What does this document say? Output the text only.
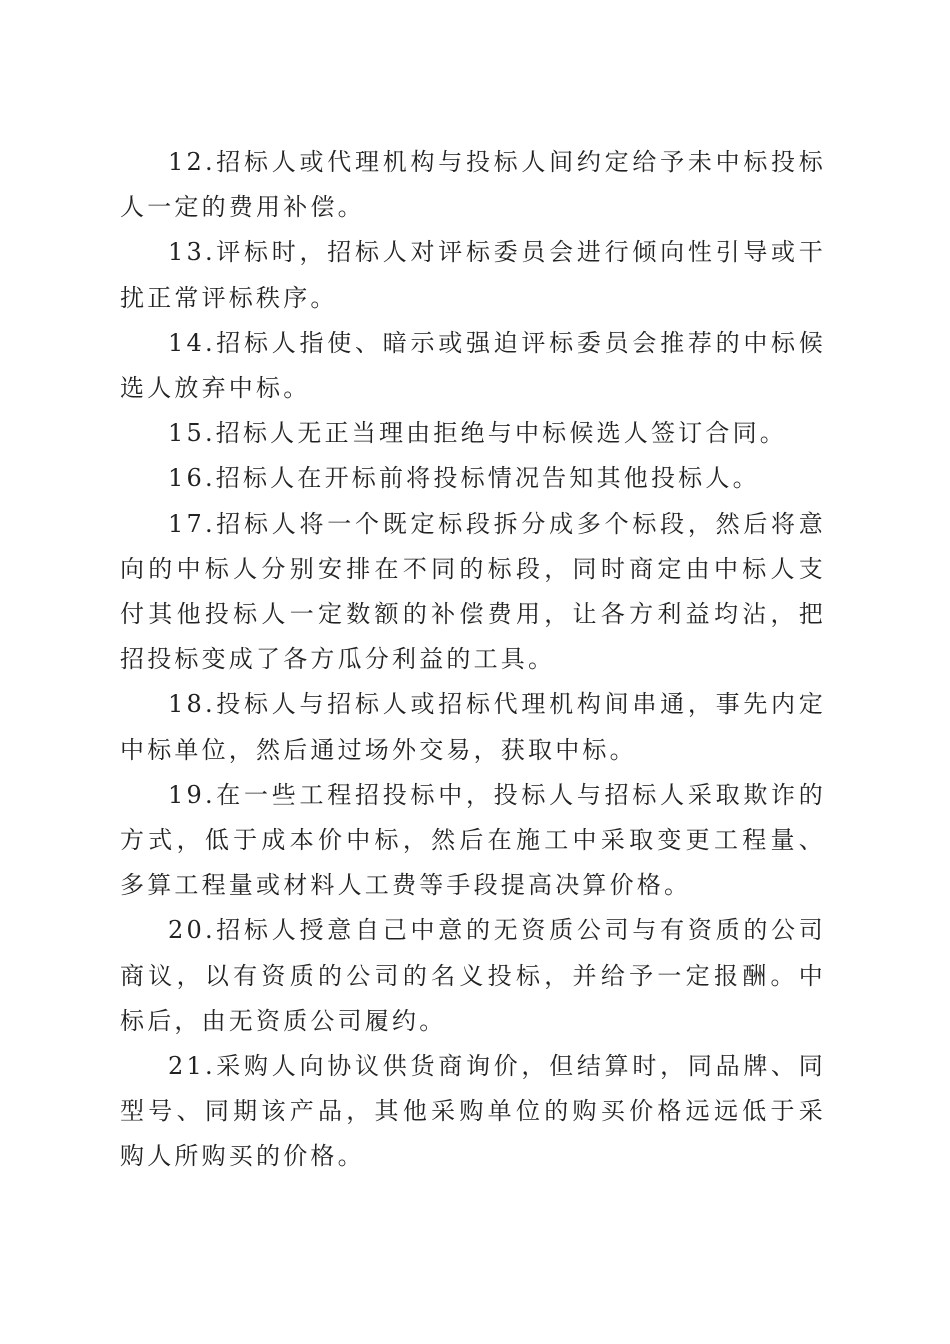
12.招标人或代理机构与投标人间约定给予未中标投标人一定的费用补偿。

13.评标时，招标人对评标委员会进行倾向性引导或干扰正常评标秩序。

14.招标人指使、暗示或强迫评标委员会推荐的中标候选人放弃中标。

15.招标人无正当理由拒绝与中标候选人签订合同。

16.招标人在开标前将投标情况告知其他投标人。

17.招标人将一个既定标段拆分成多个标段，然后将意向的中标人分别安排在不同的标段，同时商定由中标人支付其他投标人一定数额的补偿费用，让各方利益均沾，把招投标变成了各方瓜分利益的工具。

18.投标人与招标人或招标代理机构间串通，事先内定中标单位，然后通过场外交易，获取中标。

19.在一些工程招投标中，投标人与招标人采取欺诈的方式，低于成本价中标，然后在施工中采取变更工程量、多算工程量或材料人工费等手段提高决算价格。

20.招标人授意自己中意的无资质公司与有资质的公司商议，以有资质的公司的名义投标，并给予一定报酬。中标后，由无资质公司履约。

21.采购人向协议供货商询价，但结算时，同品牌、同型号、同期该产品，其他采购单位的购买价格远远低于采购人所购买的价格。
